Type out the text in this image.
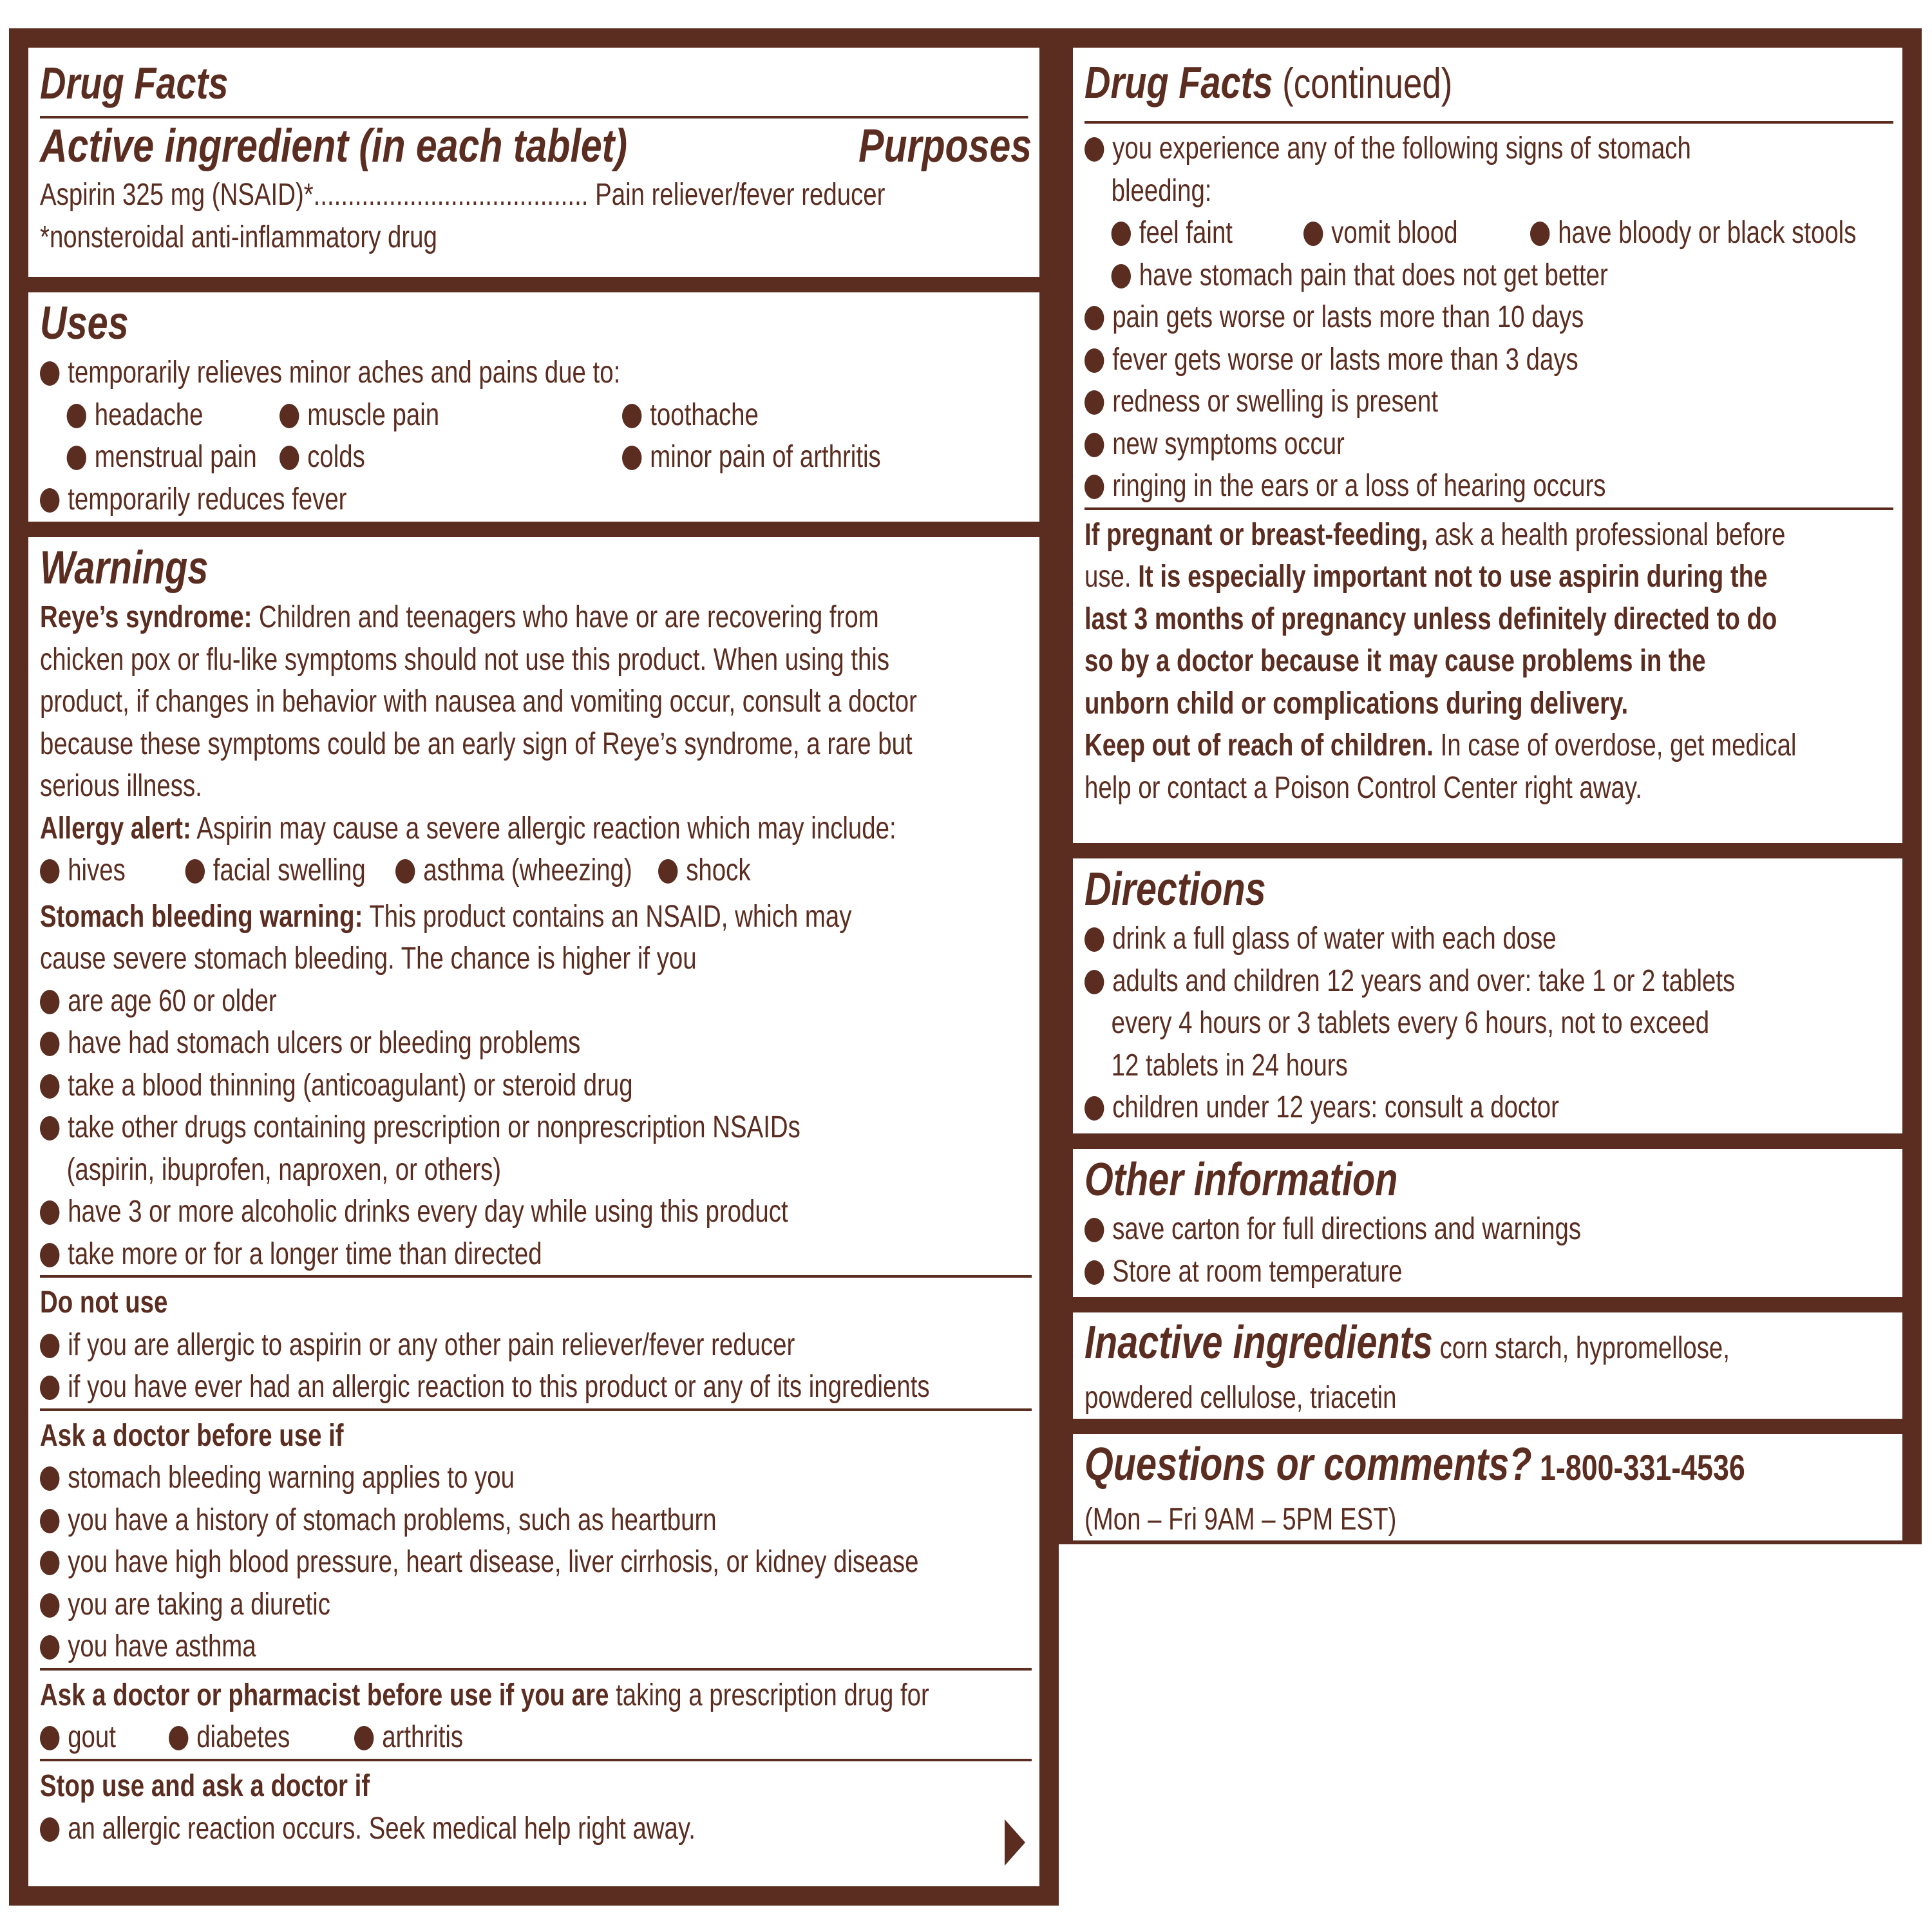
Drug Facts
Active ingredient (in each tablet)	Purposes
Aspirin 325 mg (NSAID)*........................................ Pain reliever/fever reducer
*nonsteroidal anti-inflammatory drug
Uses
temporarily relieves minor aches and pains due to:
headache	muscle pain	toothache

menstrual pain	colds	minor pain of arthritis

temporarily reduces fever
Warnings
Reye’s syndrome: Children and teenagers who have or are recovering from
chicken pox or flu-like symptoms should not use this product. When using this
product, if changes in behavior with nausea and vomiting occur, consult a doctor
because these symptoms could be an early sign of Reye’s syndrome, a rare but
serious illness.
Allergy alert: Aspirin may cause a severe allergic reaction which may include:
hives	facial swelling	asthma (wheezing)	shock

Stomach bleeding warning: This product contains an NSAID, which may
cause severe stomach bleeding. The chance is higher if you
are age 60 or older
have had stomach ulcers or bleeding problems
take a blood thinning (anticoagulant) or steroid drug
take other drugs containing prescription or nonprescription NSAIDs
(aspirin, ibuprofen, naproxen, or others)
have 3 or more alcoholic drinks every day while using this product
take more or for a longer time than directed
Do not use
if you are allergic to aspirin or any other pain reliever/fever reducer
if you have ever had an allergic reaction to this product or any of its ingredients
Ask a doctor before use if
stomach bleeding warning applies to you
you have a history of stomach problems, such as heartburn
you have high blood pressure, heart disease, liver cirrhosis, or kidney disease
you are taking a diuretic
you have asthma
Ask a doctor or pharmacist before use if you are taking a prescription drug for
gout	diabetes	arthritis
Stop use and ask a doctor if
an allergic reaction occurs. Seek medical help right away.
Drug Facts (continued)
you experience any of the following signs of stomach
bleeding:
feel faint	vomit blood	have bloody or black stools

have stomach pain that does not get better
pain gets worse or lasts more than 10 days
fever gets worse or lasts more than 3 days
redness or swelling is present
new symptoms occur
ringing in the ears or a loss of hearing occurs
If pregnant or breast-feeding, ask a health professional before
use. It is especially important not to use aspirin during the
last 3 months of pregnancy unless definitely directed to do
so by a doctor because it may cause problems in the
unborn child or complications during delivery.
Keep out of reach of children. In case of overdose, get medical
help or contact a Poison Control Center right away.
Directions
drink a full glass of water with each dose
adults and children 12 years and over: take 1 or 2 tablets
every 4 hours or 3 tablets every 6 hours, not to exceed
12 tablets in 24 hours
children under 12 years: consult a doctor
Other information
save carton for full directions and warnings
Store at room temperature
Inactive ingredients corn starch, hypromellose,
powdered cellulose, triacetin
Questions or comments? 1-800-331-4536
(Mon – Fri 9AM – 5PM EST)
